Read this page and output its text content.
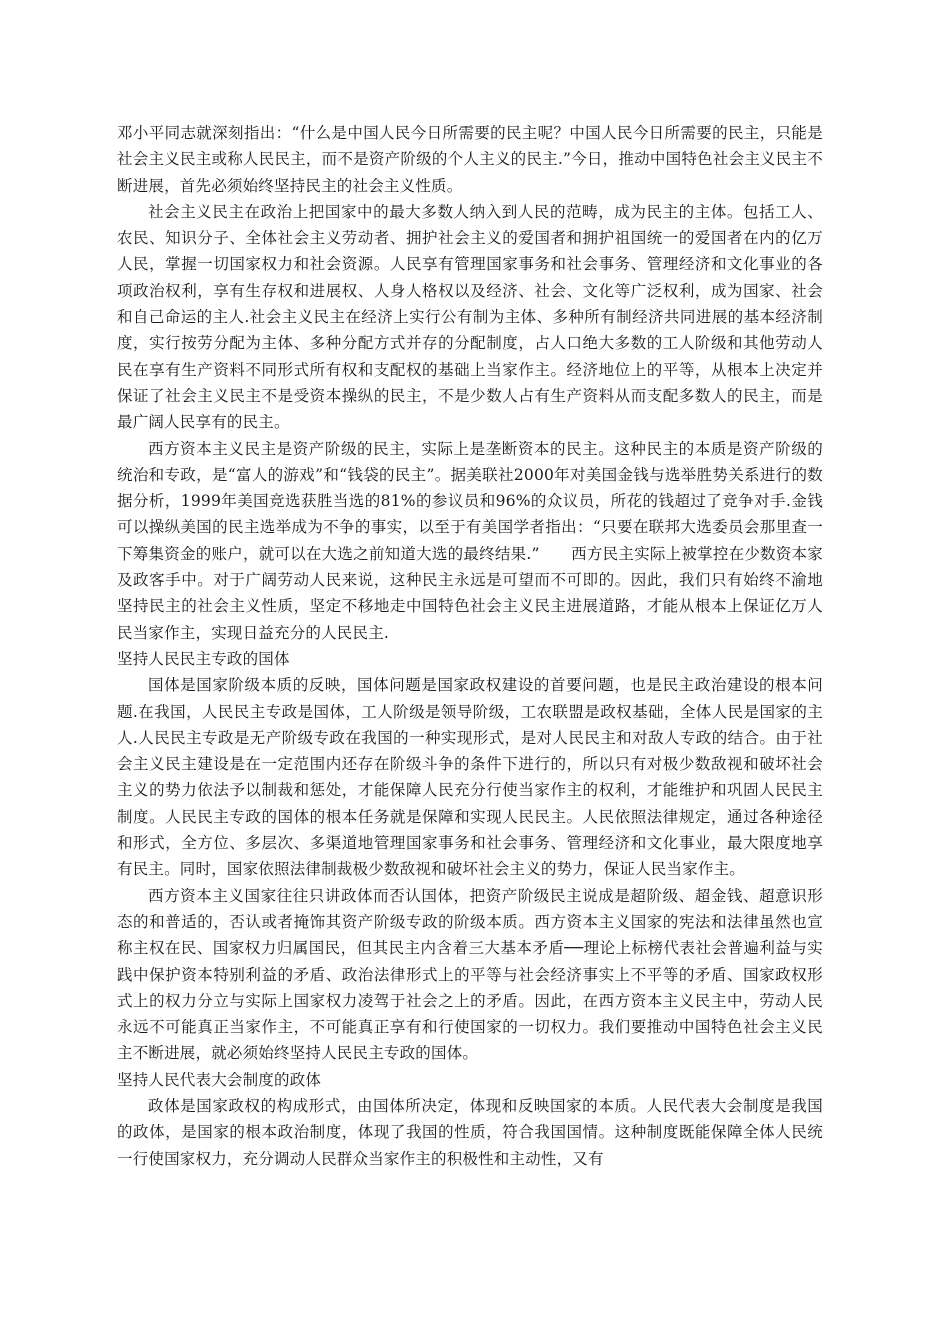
邓小平同志就深刻指出：“什么是中国人民今日所需要的民主呢？中国人民今日所需要的民主，只能是社会主义民主或称人民民主，而不是资产阶级的个人主义的民主.”今日，推动中国特色社会主义民主不断进展，首先必须始终坚持民主的社会主义性质。

社会主义民主在政治上把国家中的最大多数人纳入到人民的范畴，成为民主的主体。包括工人、农民、知识分子、全体社会主义劳动者、拥护社会主义的爱国者和拥护祖国统一的爱国者在内的亿万人民，掌握一切国家权力和社会资源。人民享有管理国家事务和社会事务、管理经济和文化事业的各项政治权利，享有生存权和进展权、人身人格权以及经济、社会、文化等广泛权利，成为国家、社会和自己命运的主人.社会主义民主在经济上实行公有制为主体、多种所有制经济共同进展的基本经济制度，实行按劳分配为主体、多种分配方式并存的分配制度，占人口绝大多数的工人阶级和其他劳动人民在享有生产资料不同形式所有权和支配权的基础上当家作主。经济地位上的平等，从根本上决定并保证了社会主义民主不是受资本操纵的民主，不是少数人占有生产资料从而支配多数人的民主，而是最广阔人民享有的民主。

西方资本主义民主是资产阶级的民主，实际上是垄断资本的民主。这种民主的本质是资产阶级的统治和专政，是“富人的游戏”和“钱袋的民主”。据美联社2000年对美国金钱与选举胜势关系进行的数据分析，1999年美国竞选获胜当选的81%的参议员和96%的众议员，所花的钱超过了竞争对手.金钱可以操纵美国的民主选举成为不争的事实，以至于有美国学者指出：“只要在联邦大选委员会那里查一下筹集资金的账户，就可以在大选之前知道大选的最终结果.”　　西方民主实际上被掌控在少数资本家及政客手中。对于广阔劳动人民来说，这种民主永远是可望而不可即的。因此，我们只有始终不渝地坚持民主的社会主义性质，坚定不移地走中国特色社会主义民主进展道路，才能从根本上保证亿万人民当家作主，实现日益充分的人民民主.

坚持人民民主专政的国体

国体是国家阶级本质的反映，国体问题是国家政权建设的首要问题，也是民主政治建设的根本问题.在我国，人民民主专政是国体，工人阶级是领导阶级，工农联盟是政权基础，全体人民是国家的主人.人民民主专政是无产阶级专政在我国的一种实现形式，是对人民民主和对敌人专政的结合。由于社会主义民主建设是在一定范围内还存在阶级斗争的条件下进行的，所以只有对极少数敌视和破坏社会主义的势力依法予以制裁和惩处，才能保障人民充分行使当家作主的权利，才能维护和巩固人民民主制度。人民民主专政的国体的根本任务就是保障和实现人民民主。人民依照法律规定，通过各种途径和形式，全方位、多层次、多渠道地管理国家事务和社会事务、管理经济和文化事业，最大限度地享有民主。同时，国家依照法律制裁极少数敌视和破坏社会主义的势力，保证人民当家作主。

西方资本主义国家往往只讲政体而否认国体，把资产阶级民主说成是超阶级、超金钱、超意识形态的和普适的，否认或者掩饰其资产阶级专政的阶级本质。西方资本主义国家的宪法和法律虽然也宣称主权在民、国家权力归属国民，但其民主内含着三大基本矛盾──理论上标榜代表社会普遍利益与实践中保护资本特别利益的矛盾、政治法律形式上的平等与社会经济事实上不平等的矛盾、国家政权形式上的权力分立与实际上国家权力凌驾于社会之上的矛盾。因此，在西方资本主义民主中，劳动人民永远不可能真正当家作主，不可能真正享有和行使国家的一切权力。我们要推动中国特色社会主义民主不断进展，就必须始终坚持人民民主专政的国体。

坚持人民代表大会制度的政体

政体是国家政权的构成形式，由国体所决定，体现和反映国家的本质。人民代表大会制度是我国的政体，是国家的根本政治制度，体现了我国的性质，符合我国国情。这种制度既能保障全体人民统一行使国家权力，充分调动人民群众当家作主的积极性和主动性，又有
